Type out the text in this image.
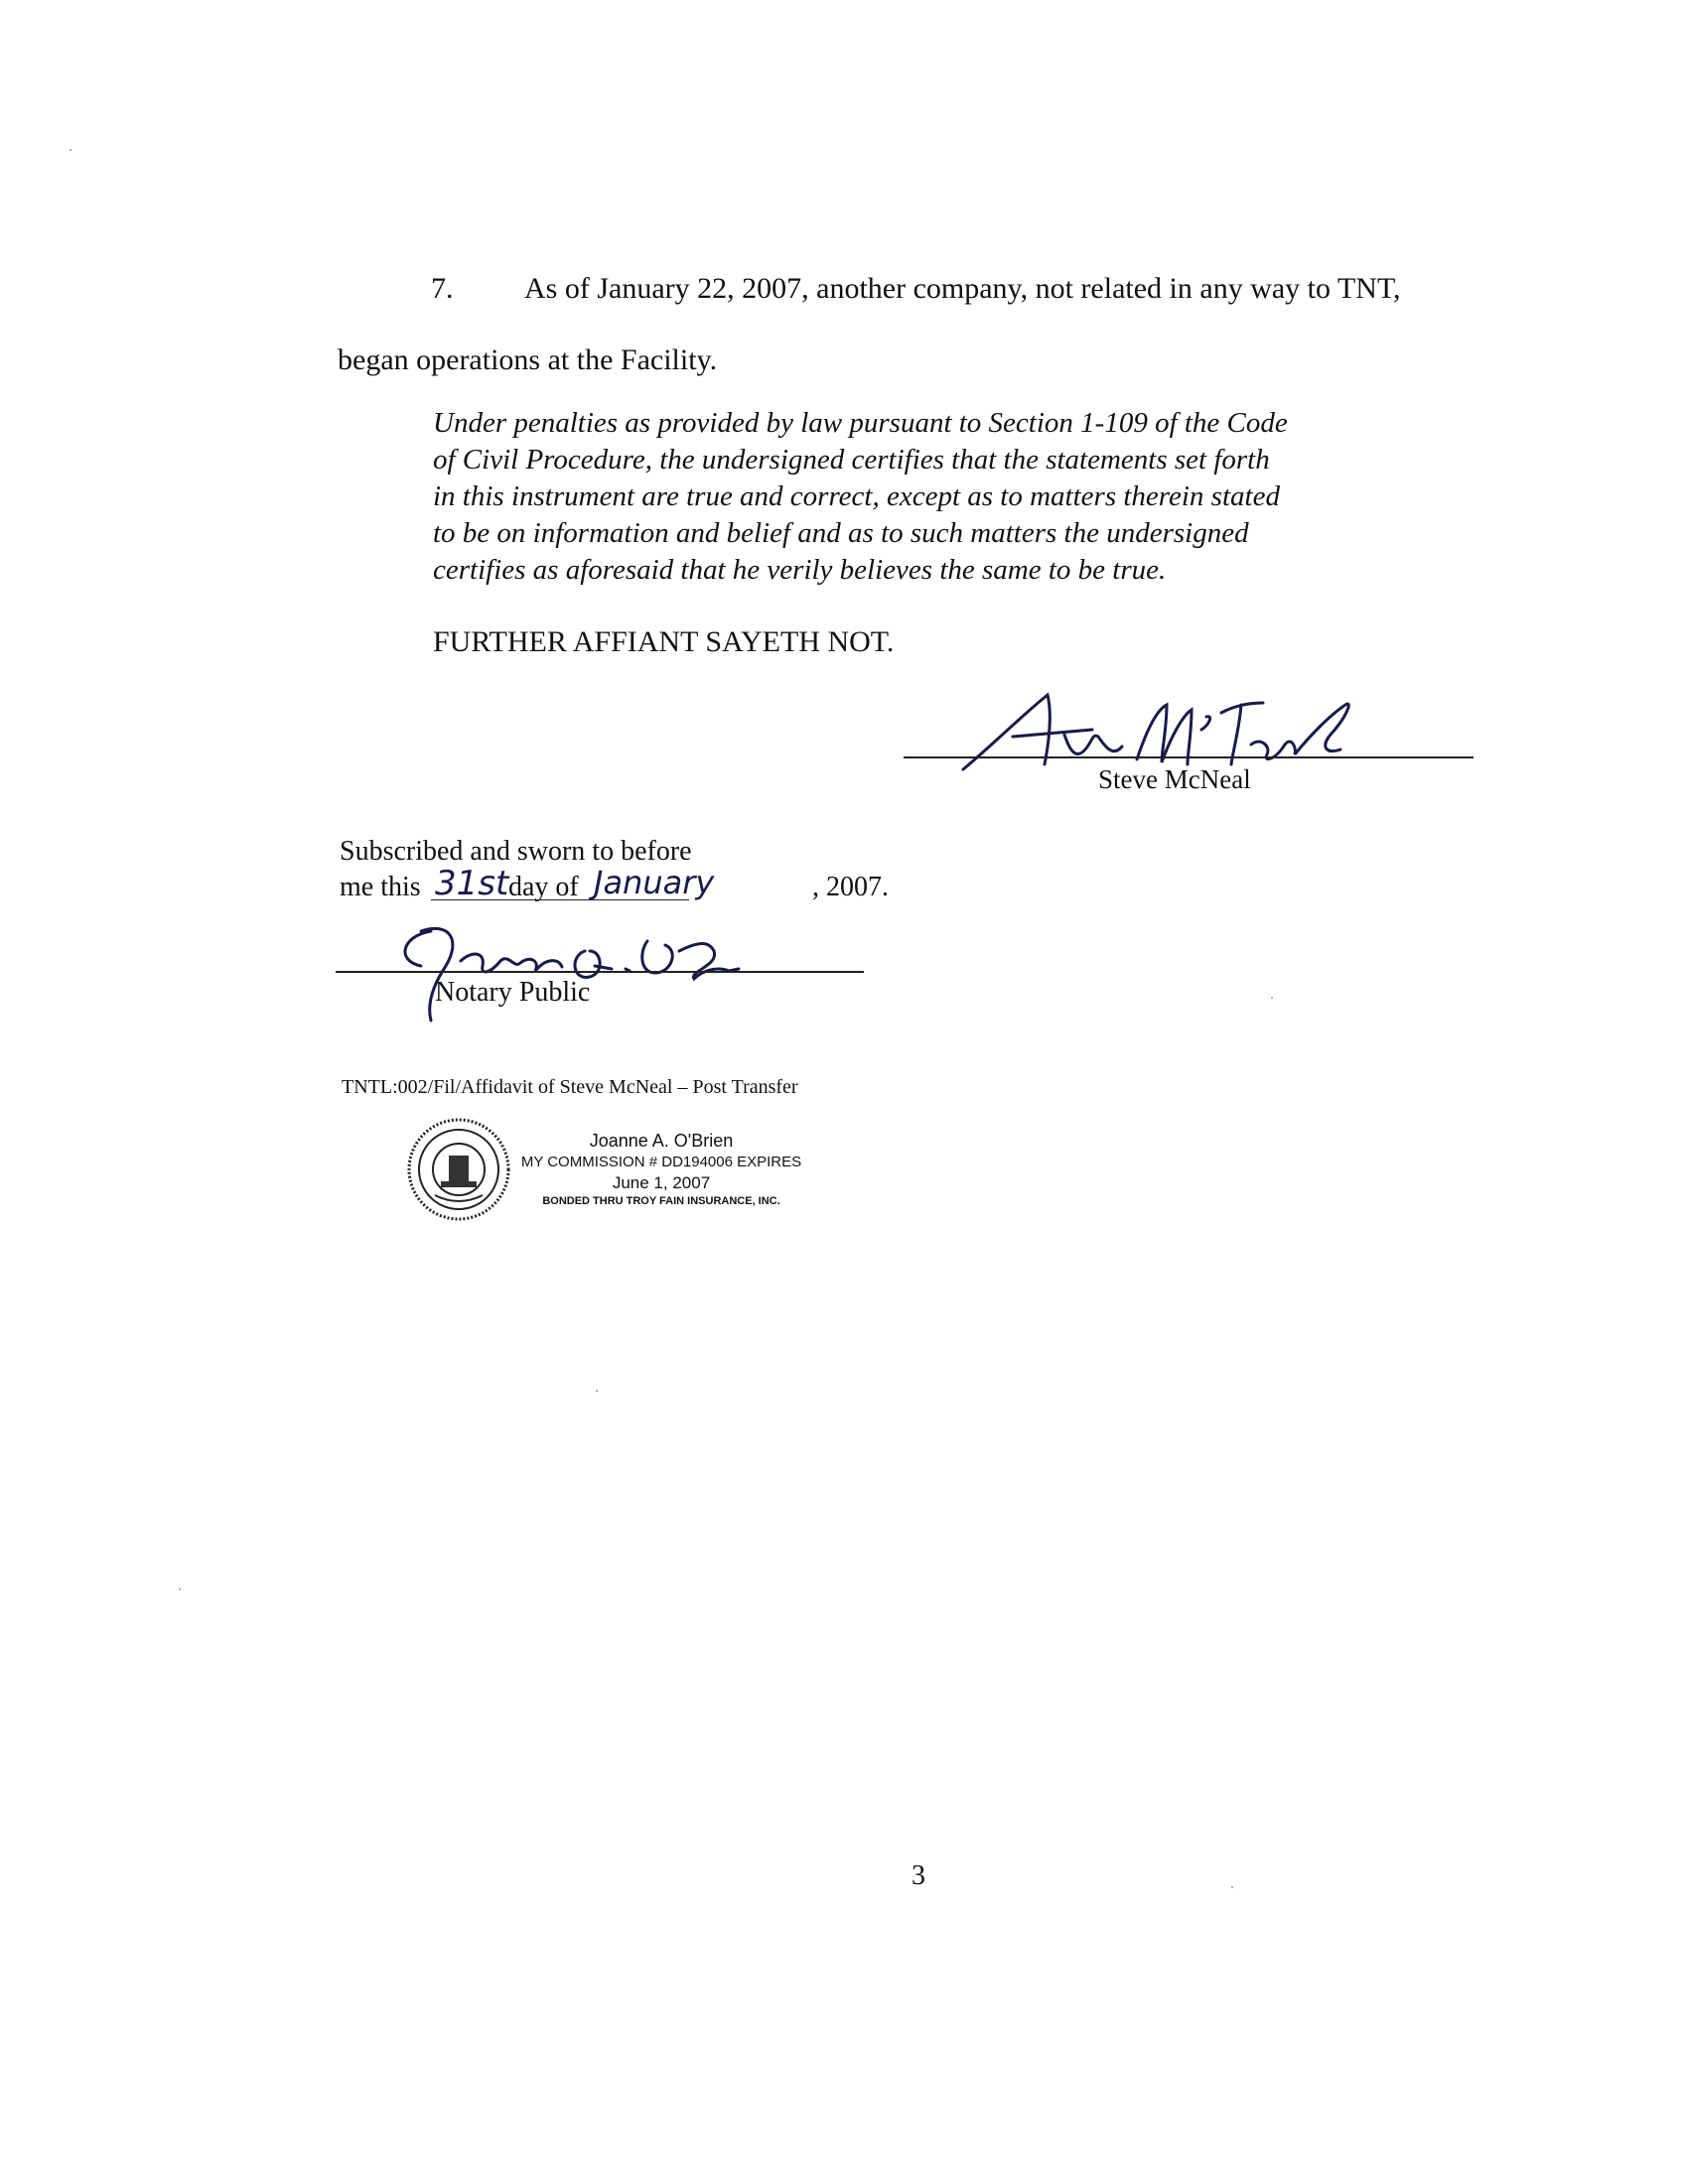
7. As of January 22, 2007, another company, not related in any way to TNT,
began operations at the Facility.
Under penalties as provided by law pursuant to Section 1-109 of the Code
of Civil Procedure, the undersigned certifies that the statements set forth
in this instrument are true and correct, except as to matters therein stated
to be on information and belief and as to such matters the undersigned
certifies as aforesaid that he verily believes the same to be true.
FURTHER AFFIANT SAYETH NOT.
Steve McNeal
Subscribed and sworn to before
me this 31st day of January	, 2007.
Notary Public
TNTL:002/Fil/Affidavit of Steve McNeal – Post Transfer
Joanne A. O'Brien
MY COMMISSION # DD194006 EXPIRES
June 1, 2007
BONDED THRU TROY FAIN INSURANCE, INC.
3
